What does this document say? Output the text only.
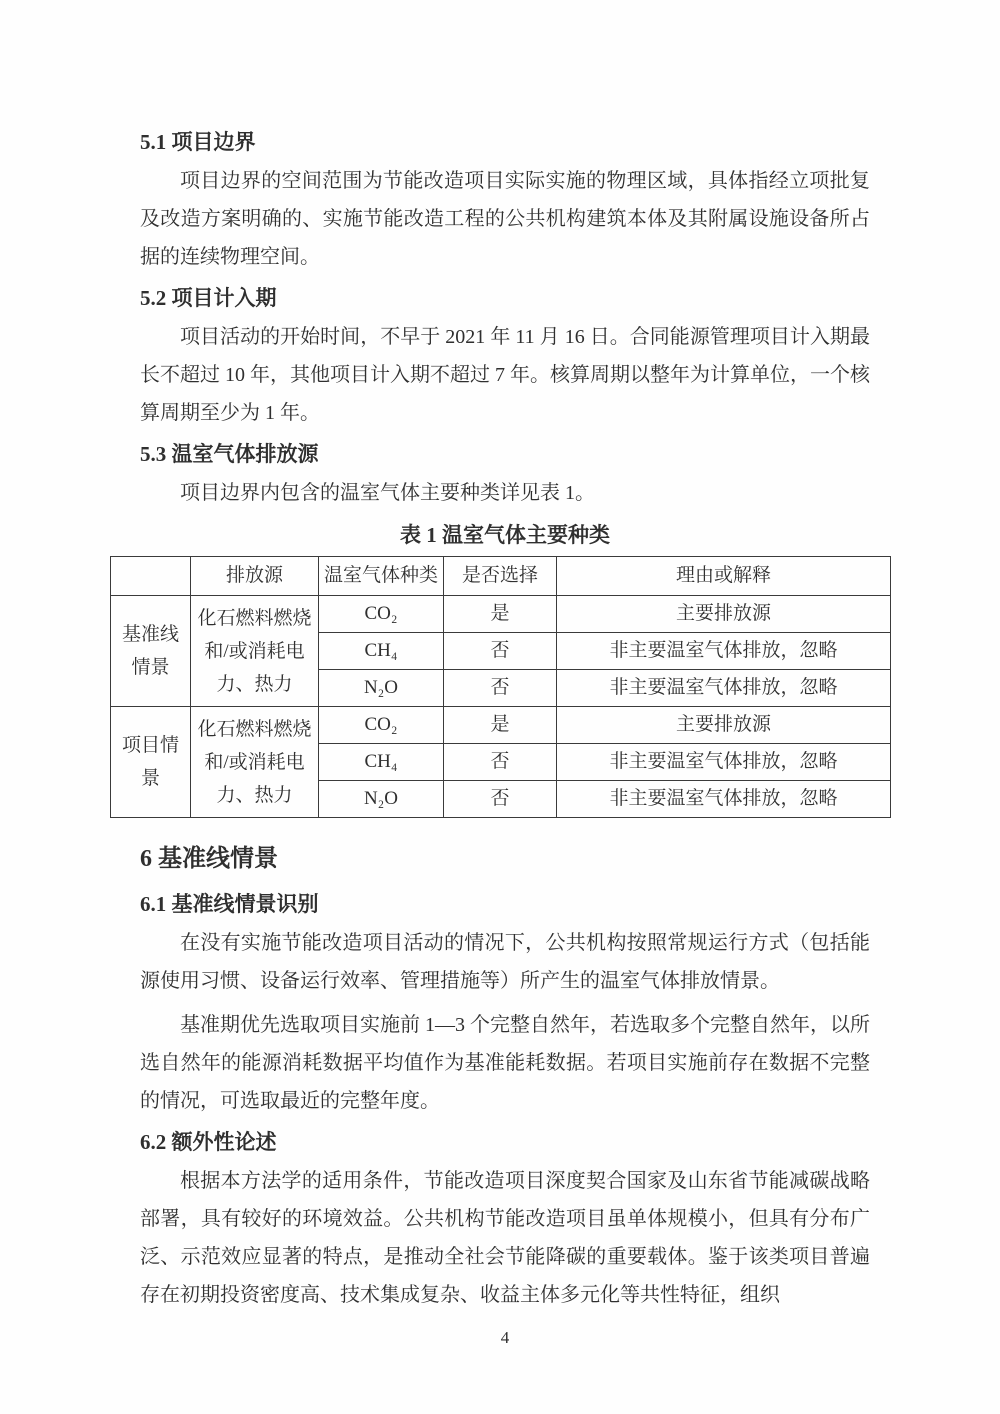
5.1 项目边界

项目边界的空间范围为节能改造项目实际实施的物理区域，具体指经立项批复及改造方案明确的、实施节能改造工程的公共机构建筑本体及其附属设施设备所占据的连续物理空间。

5.2 项目计入期

项目活动的开始时间，不早于 2021 年 11 月 16 日。合同能源管理项目计入期最长不超过 10 年，其他项目计入期不超过 7 年。核算周期以整年为计算单位，一个核算周期至少为 1 年。

5.3 温室气体排放源

项目边界内包含的温室气体主要种类详见表 1。

表 1 温室气体主要种类
	排放源	温室气体种类	是否选择	理由或解释
基准线情景	化石燃料燃烧和/或消耗电力、热力	CO₂	是	主要排放源
		CH₄	否	非主要温室气体排放，忽略
		N₂O	否	非主要温室气体排放，忽略
项目情景	化石燃料燃烧和/或消耗电力、热力	CO₂	是	主要排放源
		CH₄	否	非主要温室气体排放，忽略
		N₂O	否	非主要温室气体排放，忽略
6 基准线情景
6.1 基准线情景识别

在没有实施节能改造项目活动的情况下，公共机构按照常规运行方式（包括能源使用习惯、设备运行效率、管理措施等）所产生的温室气体排放情景。

基准期优先选取项目实施前 1—3 个完整自然年，若选取多个完整自然年，以所选自然年的能源消耗数据平均值作为基准能耗数据。若项目实施前存在数据不完整的情况，可选取最近的完整年度。

6.2 额外性论述

根据本方法学的适用条件，节能改造项目深度契合国家及山东省节能减碳战略部署，具有较好的环境效益。公共机构节能改造项目虽单体规模小，但具有分布广泛、示范效应显著的特点，是推动全社会节能降碳的重要载体。鉴于该类项目普遍存在初期投资密度高、技术集成复杂、收益主体多元化等共性特征，组织

4
